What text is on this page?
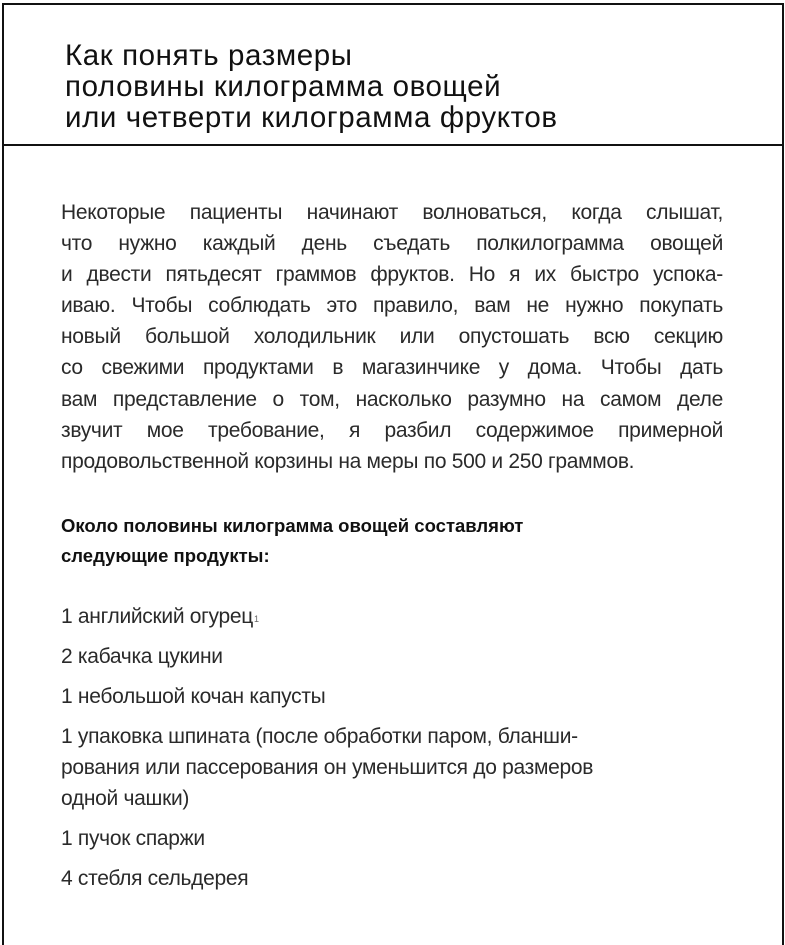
Как понять размеры
половины килограмма овощей
или четверти килограмма фруктов

Некоторые пациенты начинают волноваться, когда слышат,
что нужно каждый день съедать полкилограмма овощей
и двести пятьдесят граммов фруктов. Но я их быстро успока-
иваю. Чтобы соблюдать это правило, вам не нужно покупать
новый большой холодильник или опустошать всю секцию
со свежими продуктами в магазинчике у дома. Чтобы дать
вам представление о том, насколько разумно на самом деле
звучит мое требование, я разбил содержимое примерной
продовольственной корзины на меры по 500 и 250 граммов.

Около половины килограмма овощей составляют
следующие продукты:
1 английский огурец$^1$
2 кабачка цукини
1 небольшой кочан капусты
1 упаковка шпината (после обработки паром, бланши-
рования или пассерования он уменьшится до размеров
одной чашки)
1 пучок спаржи
4 стебля сельдерея
